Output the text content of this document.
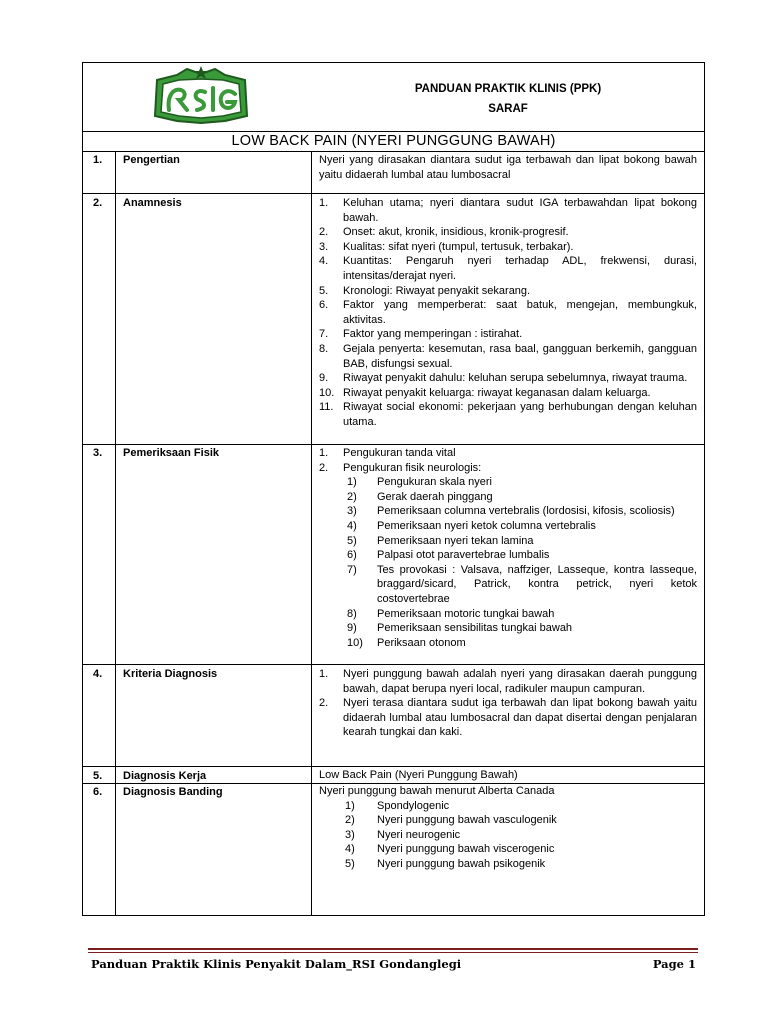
PANDUAN PRAKTIK KLINIS (PPK)
SARAF
LOW BACK PAIN (NYERI PUNGGUNG BAWAH)
1. Pengertian	Nyeri yang dirasakan diantara sudut iga terbawah dan lipat bokong bawah yaitu didaerah lumbal atau lumbosacral
2. Anamnesis	1. Keluhan utama; nyeri diantara sudut IGA terbawahdan lipat bokong bawah.
2. Onset: akut, kronik, insidious, kronik-progresif.
3. Kualitas: sifat nyeri (tumpul, tertusuk, terbakar).
4. Kuantitas: Pengaruh nyeri terhadap ADL, frekwensi, durasi, intensitas/derajat nyeri.
5. Kronologi: Riwayat penyakit sekarang.
6. Faktor yang memperberat: saat batuk, mengejan, membungkuk, aktivitas.
7. Faktor yang memperingan : istirahat.
8. Gejala penyerta: kesemutan, rasa baal, gangguan berkemih, gangguan BAB, disfungsi sexual.
9. Riwayat penyakit dahulu: keluhan serupa sebelumnya, riwayat trauma.
10. Riwayat penyakit keluarga: riwayat keganasan dalam keluarga.
11. Riwayat social ekonomi: pekerjaan yang berhubungan dengan keluhan utama.
3. Pemeriksaan Fisik	1. Pengukuran tanda vital
2. Pengukuran fisik neurologis:
1) Pengukuran skala nyeri
2) Gerak daerah pinggang
3) Pemeriksaan columna vertebralis (lordosisi, kifosis, scoliosis)
4) Pemeriksaan nyeri ketok columna vertebralis
5) Pemeriksaan nyeri tekan lamina
6) Palpasi otot paravertebrae lumbalis
7) Tes provokasi : Valsava, naffziger, Lasseque, kontra lasseque, braggard/sicard, Patrick, kontra petrick, nyeri ketok costovertebrae
8) Pemeriksaan motoric tungkai bawah
9) Pemeriksaan sensibilitas tungkai bawah
10) Periksaan otonom
4. Kriteria Diagnosis	1. Nyeri punggung bawah adalah nyeri yang dirasakan daerah punggung bawah, dapat berupa nyeri local, radikuler maupun campuran.
2. Nyeri terasa diantara sudut iga terbawah dan lipat bokong bawah yaitu didaerah lumbal atau lumbosacral dan dapat disertai dengan penjalaran kearah tungkai dan kaki.
5. Diagnosis Kerja	Low Back Pain (Nyeri Punggung Bawah)
6. Diagnosis Banding	Nyeri punggung bawah menurut Alberta Canada
1) Spondylogenic
2) Nyeri punggung bawah vasculogenik
3) Nyeri neurogenic
4) Nyeri punggung bawah viscerogenic
5) Nyeri punggung bawah psikogenik
Panduan Praktik Klinis Penyakit Dalam_RSI Gondanglegi	Page 1
